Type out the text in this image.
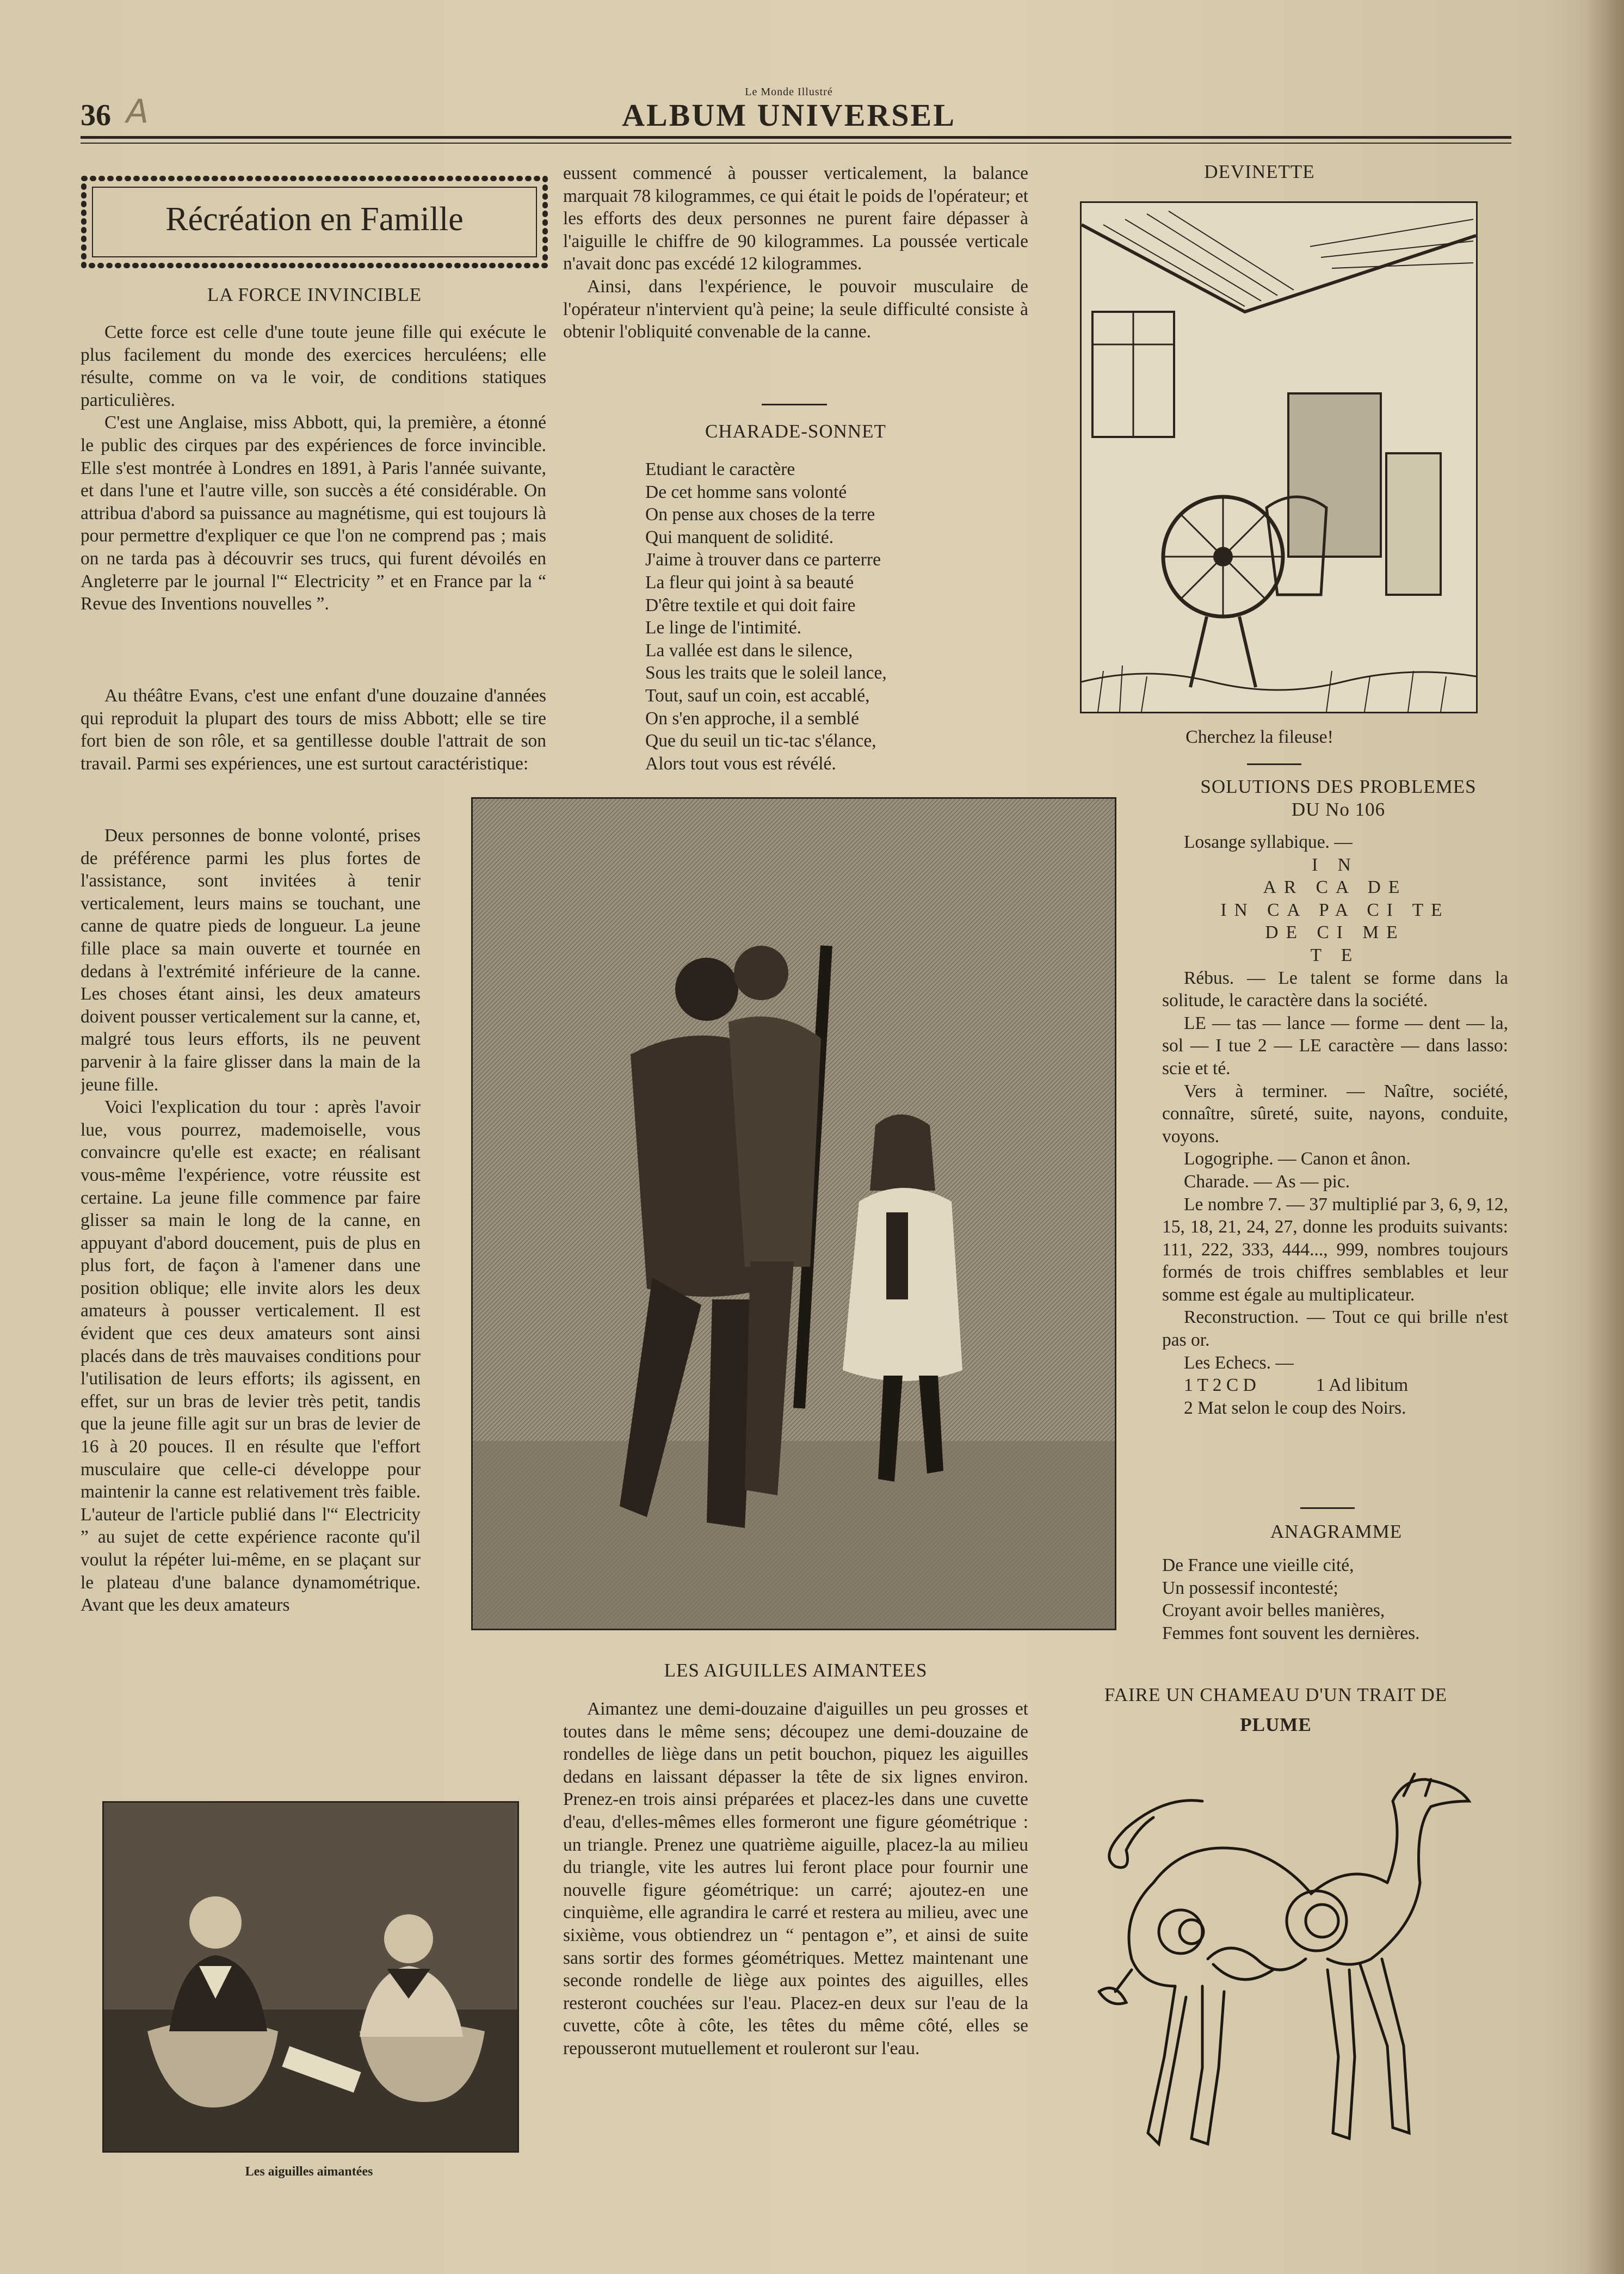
36 A
Le Monde Illustré
ALBUM UNIVERSEL
Récréation en Famille
LA FORCE INVINCIBLE

Cette force est celle d'une toute jeune fille qui exécute le plus facilement du monde des exercices herculéens; elle résulte, comme on va le voir, de conditions statiques particulières.

C'est une Anglaise, miss Abbott, qui, la première, a étonné le public des cirques par des expériences de force invincible. Elle s'est montrée à Londres en 1891, à Paris l'année suivante, et dans l'une et l'autre ville, son succès a été considérable. On attribua d'abord sa puissance au magnétisme, qui est toujours là pour permettre d'expliquer ce que l'on ne comprend pas ; mais on ne tarda pas à découvrir ses trucs, qui furent dévoilés en Angleterre par le journal l'“ Electricity ” et en France par la “ Revue des Inventions nouvelles ”.

Au théâtre Evans, c'est une enfant d'une douzaine d'années qui reproduit la plupart des tours de miss Abbott; elle se tire fort bien de son rôle, et sa gentillesse double l'attrait de son travail. Parmi ses expériences, une est surtout caractéristique:

Deux personnes de bonne volonté, prises de préférence parmi les plus fortes de l'assistance, sont invitées à tenir verticalement, leurs mains se touchant, une canne de quatre pieds de longueur. La jeune fille place sa main ouverte et tournée en dedans à l'extrémité inférieure de la canne. Les choses étant ainsi, les deux amateurs doivent pousser verticalement sur la canne, et, malgré tous leurs efforts, ils ne peuvent parvenir à la faire glisser dans la main de la jeune fille.

Voici l'explication du tour : après l'avoir lue, vous pourrez, mademoiselle, vous convaincre qu'elle est exacte; en réalisant vous-même l'expérience, votre réussite est certaine. La jeune fille commence par faire glisser sa main le long de la canne, en appuyant d'abord doucement, puis de plus en plus fort, de façon à l'amener dans une position oblique; elle invite alors les deux amateurs à pousser verticalement. Il est évident que ces deux amateurs sont ainsi placés dans de très mauvaises conditions pour l'utilisation de leurs efforts; ils agissent, en effet, sur un bras de levier très petit, tandis que la jeune fille agit sur un bras de levier de 16 à 20 pouces. Il en résulte que l'effort musculaire que celle-ci développe pour maintenir la canne est relativement très faible. L'auteur de l'article publié dans l'“ Electricity ” au sujet de cette expérience raconte qu'il voulut la répéter lui-même, en se plaçant sur le plateau d'une balance dynamométrique. Avant que les deux amateurs

Les aiguilles aimantées

eussent commencé à pousser verticalement, la balance marquait 78 kilogrammes, ce qui était le poids de l'opérateur; et les efforts des deux personnes ne purent faire dépasser à l'aiguille le chiffre de 90 kilogrammes. La poussée verticale n'avait donc pas excédé 12 kilogrammes.

Ainsi, dans l'expérience, le pouvoir musculaire de l'opérateur n'intervient qu'à peine; la seule difficulté consiste à obtenir l'obliquité convenable de la canne.

CHARADE-SONNET

Etudiant le caractère

De cet homme sans volonté

On pense aux choses de la terre

Qui manquent de solidité.

J'aime à trouver dans ce parterre

La fleur qui joint à sa beauté

D'être textile et qui doit faire

Le linge de l'intimité.

La vallée est dans le silence,

Sous les traits que le soleil lance,

Tout, sauf un coin, est accablé,

On s'en approche, il a semblé

Que du seuil un tic-tac s'élance,

Alors tout vous est révélé.

LES AIGUILLES AIMANTEES

Aimantez une demi-douzaine d'aiguilles un peu grosses et toutes dans le même sens; découpez une demi-douzaine de rondelles de liège dans un petit bouchon, piquez les aiguilles dedans en laissant dépasser la tête de six lignes environ. Prenez-en trois ainsi préparées et placez-les dans une cuvette d'eau, d'elles-mêmes elles formeront une figure géométrique : un triangle. Prenez une quatrième aiguille, placez-la au milieu du triangle, vite les autres lui feront place pour fournir une nouvelle figure géométrique: un carré; ajoutez-en une cinquième, elle agrandira le carré et restera au milieu, avec une sixième, vous obtiendrez un “ pentagon e”, et ainsi de suite sans sortir des formes géométriques. Mettez maintenant une seconde rondelle de liège aux pointes des aiguilles, elles resteront couchées sur l'eau. Placez-en deux sur l'eau de la cuvette, côte à côte, les têtes du même côté, elles se repousseront mutuellement et rouleront sur l'eau.

DEVINETTE
Cherchez la fileuse!
SOLUTIONS DES PROBLEMES
DU No 106

Losange syllabique. —

I N

AR CA DE

IN CA PA CI TE

DE CI ME

T E

Rébus. — Le talent se forme dans la solitude, le caractère dans la société.

LE — tas — lance — forme — dent — la, sol — I tue 2 — LE caractère — dans lasso: scie et té.

Vers à terminer. — Naître, société, connaître, sûreté, suite, nayons, conduite, voyons.

Logogriphe. — Canon et ânon.

Charade. — As — pic.

Le nombre 7. — 37 multiplié par 3, 6, 9, 12, 15, 18, 21, 24, 27, donne les produits suivants: 111, 222, 333, 444..., 999, nombres toujours formés de trois chiffres semblables et leur somme est égale au multiplicateur.

Reconstruction. — Tout ce qui brille n'est pas or.

Les Echecs. —

1 T 2 C D	1 Ad libitum

2 Mat selon le coup des Noirs.

ANAGRAMME

De France une vieille cité,

Un possessif incontesté;

Croyant avoir belles manières,

Femmes font souvent les dernières.

FAIRE UN CHAMEAU D'UN TRAIT DE
PLUME
